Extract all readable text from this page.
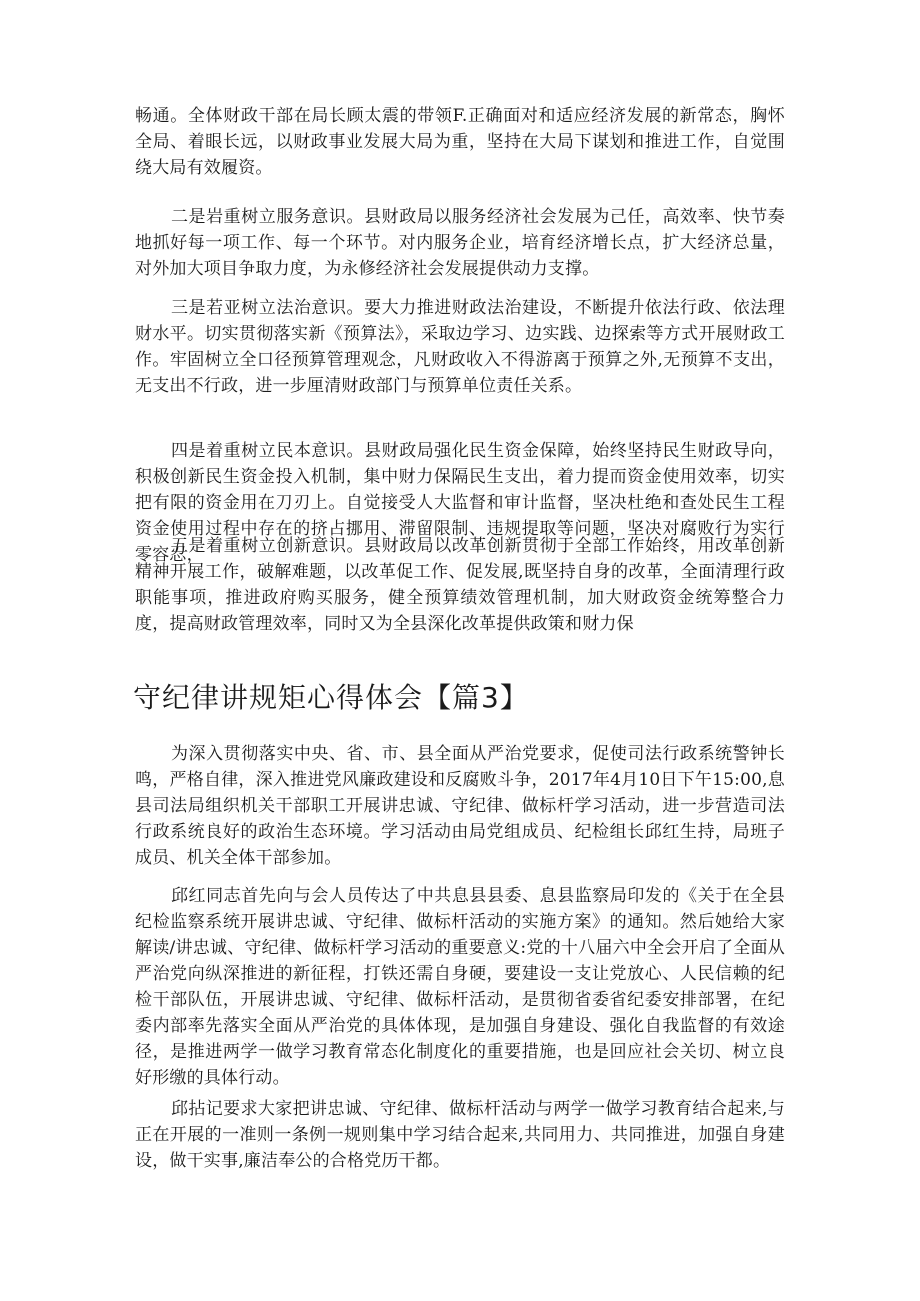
畅通。全体财政干部在局长顾太震的带领F.正确面对和适应经济发展的新常态，胸怀全局、着眼长远，以财政事业发展大局为重，坚持在大局下谋划和推进工作，自觉围绕大局有效履资。

二是岩重树立服务意识。县财政局以服务经济社会发展为己任，高效率、快节奏地抓好每一项工作、每一个环节。对内服务企业，培育经济增长点，扩大经济总量，对外加大项目争取力度，为永修经济社会发展提供动力支撑。

三是若亚树立法治意识。要大力推进财政法治建设，不断提升依法行政、依法理财水平。切实贯彻落实新《预算法》，采取边学习、边实践、边探索等方式开展财政工作。牢固树立全口径预算管理观念，凡财政收入不得游离于预算之外,无预算不支出，无支出不行政，进一步厘清财政部门与预算单位责任关系。

四是着重树立民本意识。县财政局强化民生资金保障，始终坚持民生财政导向，积极创新民生资金投入机制，集中财力保隔民生支出，着力提而资金使用效率，切实把有限的资金用在刀刃上。自觉接受人大监督和审计监督，坚决杜绝和查处民生工程资金使用过程中存在的挤占挪用、滞留限制、违规提取等问题，坚决对腐败行为实行零容忍，

五是着重树立创新意识。县财政局以改革创新贯彻于全部工作始终，用改革创新精神开展工作，破解难题，以改革促工作、促发展,既坚持自身的改革，全面清理行政职能事项，推进政府购买服务，健全预算绩效管理机制，加大财政资金统筹整合力度，提高财政管理效率，同时又为全县深化改革提供政策和财力保

守纪律讲规矩心得体会【篇3】

为深入贯彻落实中央、省、市、县全面从严治党要求，促使司法行政系统警钟长鸣，严格自律，深入推进党风廉政建设和反腐败斗争，2017年4月10日下午15:00,息县司法局组织机关干部职工开展讲忠诚、守纪律、做标杆学习活动，进一步营造司法行政系统良好的政治生态环境。学习活动由局党组成员、纪检组长邱红生持，局班子成员、机关全体干部参加。

邱红同志首先向与会人员传达了中共息县县委、息县监察局印发的《关于在全县纪检监察系统开展讲忠诚、守纪律、做标杆活动的实施方案》的通知。然后她给大家解读/讲忠诚、守纪律、做标杆学习活动的重要意义:党的十八届六中全会开启了全面从严治党向纵深推进的新征程，打铁还需自身硬，要建设一支让党放心、人民信赖的纪检干部队伍，开展讲忠诚、守纪律、做标杆活动，是贯彻省委省纪委安排部署，在纪委内部率先落实全面从严治党的具体体现，是加强自身建设、强化自我监督的有效途径，是推进两学一做学习教育常态化制度化的重要措施，也是回应社会关切、树立良好形缴的具体行动。

邱拈记要求大家把讲忠诚、守纪律、做标杆活动与两学一做学习教育结合起来,与正在开展的一准则一条例一规则集中学习结合起来,共同用力、共同推进，加强自身建设，做干实事,廉洁奉公的合格党历干都。
